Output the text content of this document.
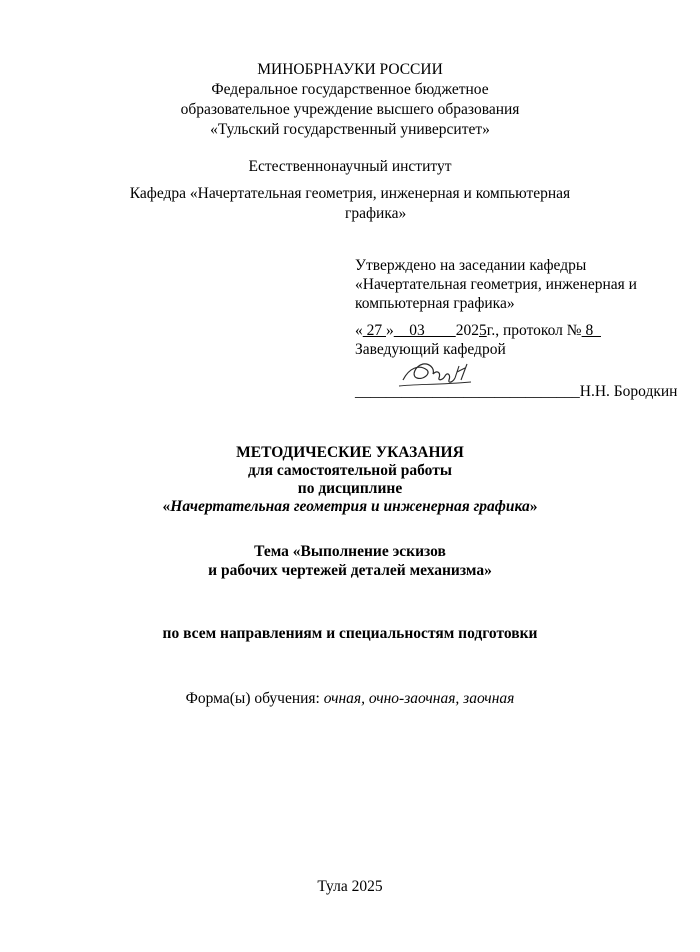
МИНОБРНАУКИ РОССИИ
Федеральное государственное бюджетное
образовательное учреждение высшего образования
«Тульский государственный университет»
Естественнонаучный институт
Кафедра «Начертательная геометрия, инженерная и компьютерная
графика»
Утверждено на заседании кафедры
«Начертательная геометрия, инженерная и
компьютерная графика»
« 27 »    03        2025г., протокол № 8
Заведующий кафедрой
_____________________________Н.Н. Бородкин
МЕТОДИЧЕСКИЕ УКАЗАНИЯ
для самостоятельной работы
по дисциплине
«Начертательная геометрия и инженерная графика»
Тема «Выполнение эскизов
и рабочих чертежей деталей механизма»
по всем направлениям и специальностям подготовки
Форма(ы) обучения: очная, очно-заочная, заочная
Тула 2025
